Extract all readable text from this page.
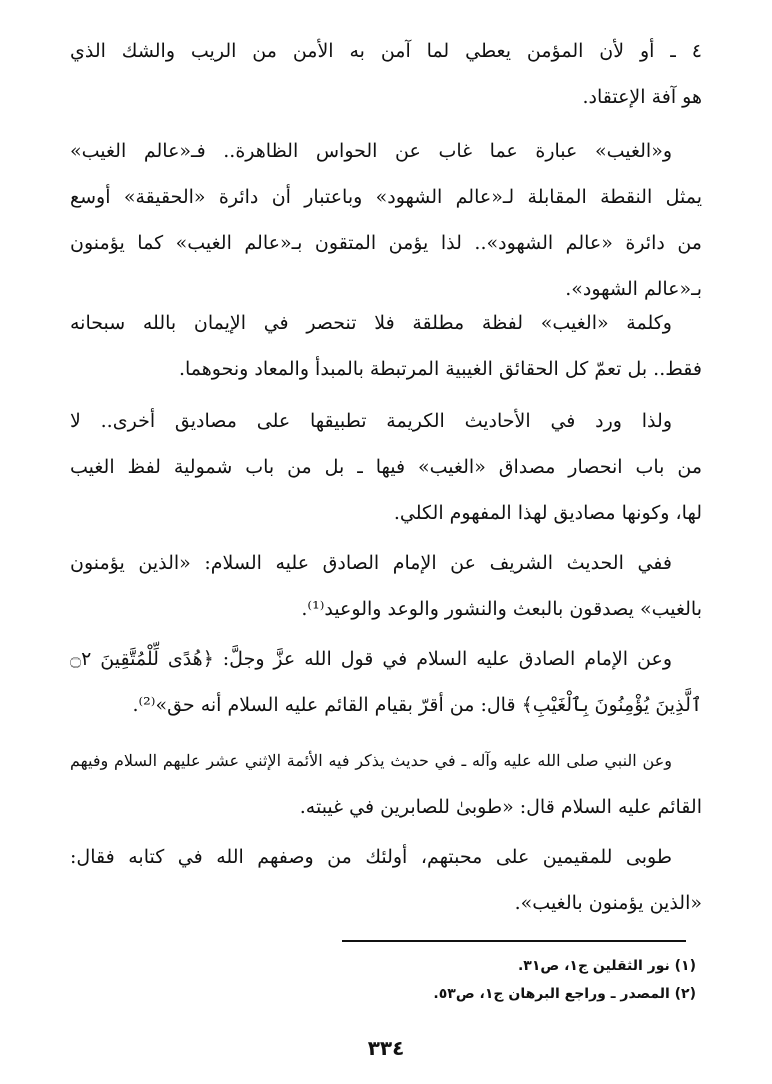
٤ ـ أو لأن المؤمن يعطي لما آمن به الأمن من الريب والشك الذي
هو آفة الإعتقاد.
و«الغيب» عبارة عما غاب عن الحواس الظاهرة.. فـ«عالم الغيب»
يمثل النقطة المقابلة لـ«عالم الشهود» وباعتبار أن دائرة «الحقيقة» أوسع
من دائرة «عالم الشهود».. لذا يؤمن المتقون بـ«عالم الغيب» كما يؤمنون
بـ«عالم الشهود».
وكلمة «الغيب» لفظة مطلقة فلا تنحصر في الإيمان بالله سبحانه
فقط.. بل تعمّ كل الحقائق الغيبية المرتبطة بالمبدأ والمعاد ونحوهما.
ولذا ورد في الأحاديث الكريمة تطبيقها على مصاديق أخرى.. لا
من باب انحصار مصداق «الغيب» فيها ـ بل من باب شمولية لفظ الغيب
لها، وكونها مصاديق لهذا المفهوم الكلي.
ففي الحديث الشريف عن الإمام الصادق عليه السلام: «الذين يؤمنون
بالغيب» يصدقون بالبعث والنشور والوعد والوعيد⁽¹⁾.
وعن الإمام الصادق عليه السلام في قول الله عزَّ وجلَّ: ﴿هُدًى لِّلْمُتَّقِينَ ۝٢
ٱلَّذِينَ يُؤْمِنُونَ بِٱلْغَيْبِ﴾ قال: من أقرّ بقيام القائم عليه السلام أنه حق»⁽²⁾.
وعن النبي صلى الله عليه وآله ـ في حديث يذكر فيه الأئمة الإثني عشر عليهم السلام وفيهم
القائم عليه السلام قال: «طوبىٰ للصابرين في غيبته.
طوبى للمقيمين على محبتهم، أولئك من وصفهم الله في كتابه فقال:
«الذين يؤمنون بالغيب».
(١) نور الثقلين ج١، ص٣١.
(٢) المصدر ـ وراجع البرهان ج١، ص٥٣.
٣٣٤
